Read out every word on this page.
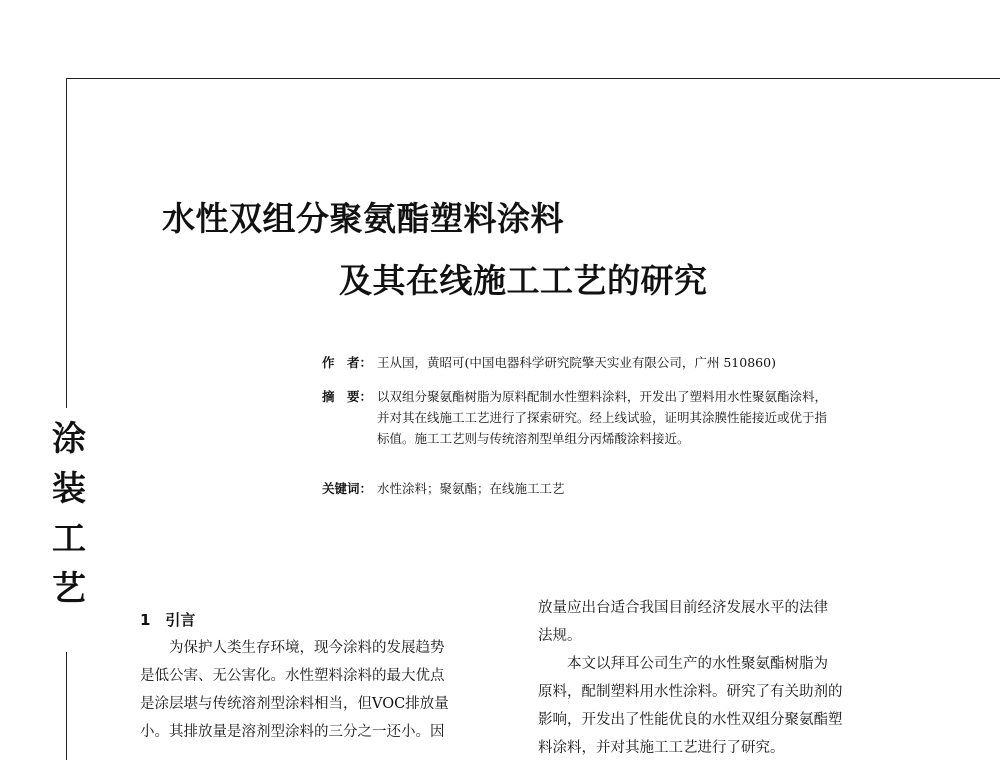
涂
装
工
艺
水性双组分聚氨酯塑料涂料
及其在线施工工艺的研究
作　者： 王从国，黄昭可(中国电器科学研究院擎天实业有限公司，广州 510860)
摘　要： 以双组分聚氨酯树脂为原料配制水性塑料涂料，开发出了塑料用水性聚氨酯涂料，
并对其在线施工工艺进行了探索研究。经上线试验，证明其涂膜性能接近或优于指
标值。施工工艺则与传统溶剂型单组分丙烯酸涂料接近。
关键词： 水性涂料；聚氨酯；在线施工工艺

1　引言

　　为保护人类生存环境，现今涂料的发展趋势

是低公害、无公害化。水性塑料涂料的最大优点

是涂层堪与传统溶剂型涂料相当，但VOC排放量

小。其排放量是溶剂型涂料的三分之一还小。因

放量应出台适合我国目前经济发展水平的法律

法规。

　　本文以拜耳公司生产的水性聚氨酯树脂为

原料，配制塑料用水性涂料。研究了有关助剂的

影响，开发出了性能优良的水性双组分聚氨酯塑

料涂料，并对其施工工艺进行了研究。
